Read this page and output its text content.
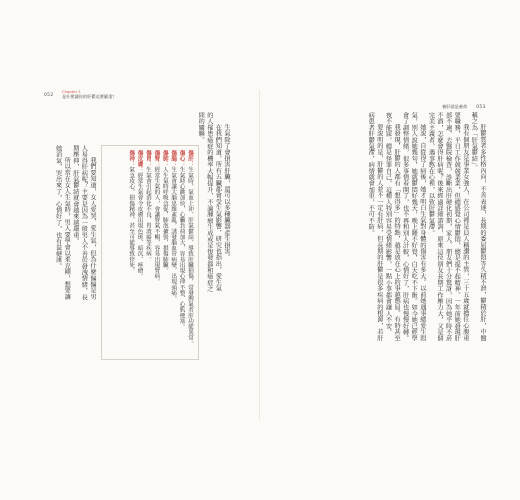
052
Chapter 1
是什麼讓你的肝鬱這麼嚴重？

生氣除了會損害肝臟，還可以多種臟器產生損害。

在我們知道，所有五臟都會受生氣影響，研究也指出，愛生氣的人罹患癌症的機率大幅提升，不論腫瘤生成或是復發都和癌症之間的關聯。

傷肝：生氣時，氣血上沖，肝氣鬱結，導致肝臟損傷，常發脾氣者肝功能異常。

傷心：生氣時心跳加快，心臟負荷加大，容易出現心律不整、心肌梗塞。

傷腦：生氣會讓大腦思維紊亂，誘發腦血管病變，出現頭痛。

傷肺：人生氣時呼吸急促，肺泡擴張，損傷肺臟。

傷腎：經常生氣的人，會讓腎氣不暢，容易出現腎病。

傷胃：生氣會引起消化不良、胃潰瘍等疾病。

傷皮膚：經常生氣會令皮膚出現色斑、暗沉、痤瘡。

傷神：氣急攻心，損傷精神，甚至可能導致猝死。

我們要知道，女人愛哭、愛生氣，但為什麼偏偏是男人易得肝病呢？主要是因為一般男人不善於發洩情緒，長期壓抑，肝氣鬱結就會越來越嚴重。

所以常在女人生氣時，男人要學會以柔克剛，想要讓她消氣，哭出來了，心情好了，也有益健康。

養肝就是養命 053

肝鬱質者多性格內向，不善表達，長期的委屈鬱悶等久積不泄，鬱積於肝，中醫稱之為「肝氣鬱結」。

我有個朋友是事業女強人，在公司裡是員人稱讚的主管，三十五歲就擔任心腹重要職務，平日工作兢兢業業，但總感覺心情鬱悶，總是提不起精神。一年前她發現肝部不適，去醫院檢查，診斷出肝硬化初期，家人、朋友們十分驚訝，因為她平時不菸不酒，怎麼會得肝病呢？後來經過詳細諮詢，原來這位朋友長期工作壓力大，又是個完美主義者，遇事憋在心裡，以致肝鬱氣滯。

她說，自從得了病後，她才明白生氣對身體的傷害有多大。以前她遇事總愛生悶氣，別人說她幾句，她就鬱悶好幾天，晚上睡不好覺，白天吃不下飯。如今她已經學會了調整情緒，很多事情看開了，也不再和別人計較，心情好了，肝病也慢慢好轉。

我發現，肝鬱的人都有「想得多」的特點，越是放在心上的事越憋屈。有時甚至夜不能寐，總是怪罪自己，這種人特別容易受情緒影響，一點小事都會讓人不安。

要說明的是，肝鬱的人並不一定有肝病，但長期的肝鬱是很多疾病的根源，若肝病患者肝鬱氣滯，病情就會加重，不可不防。
